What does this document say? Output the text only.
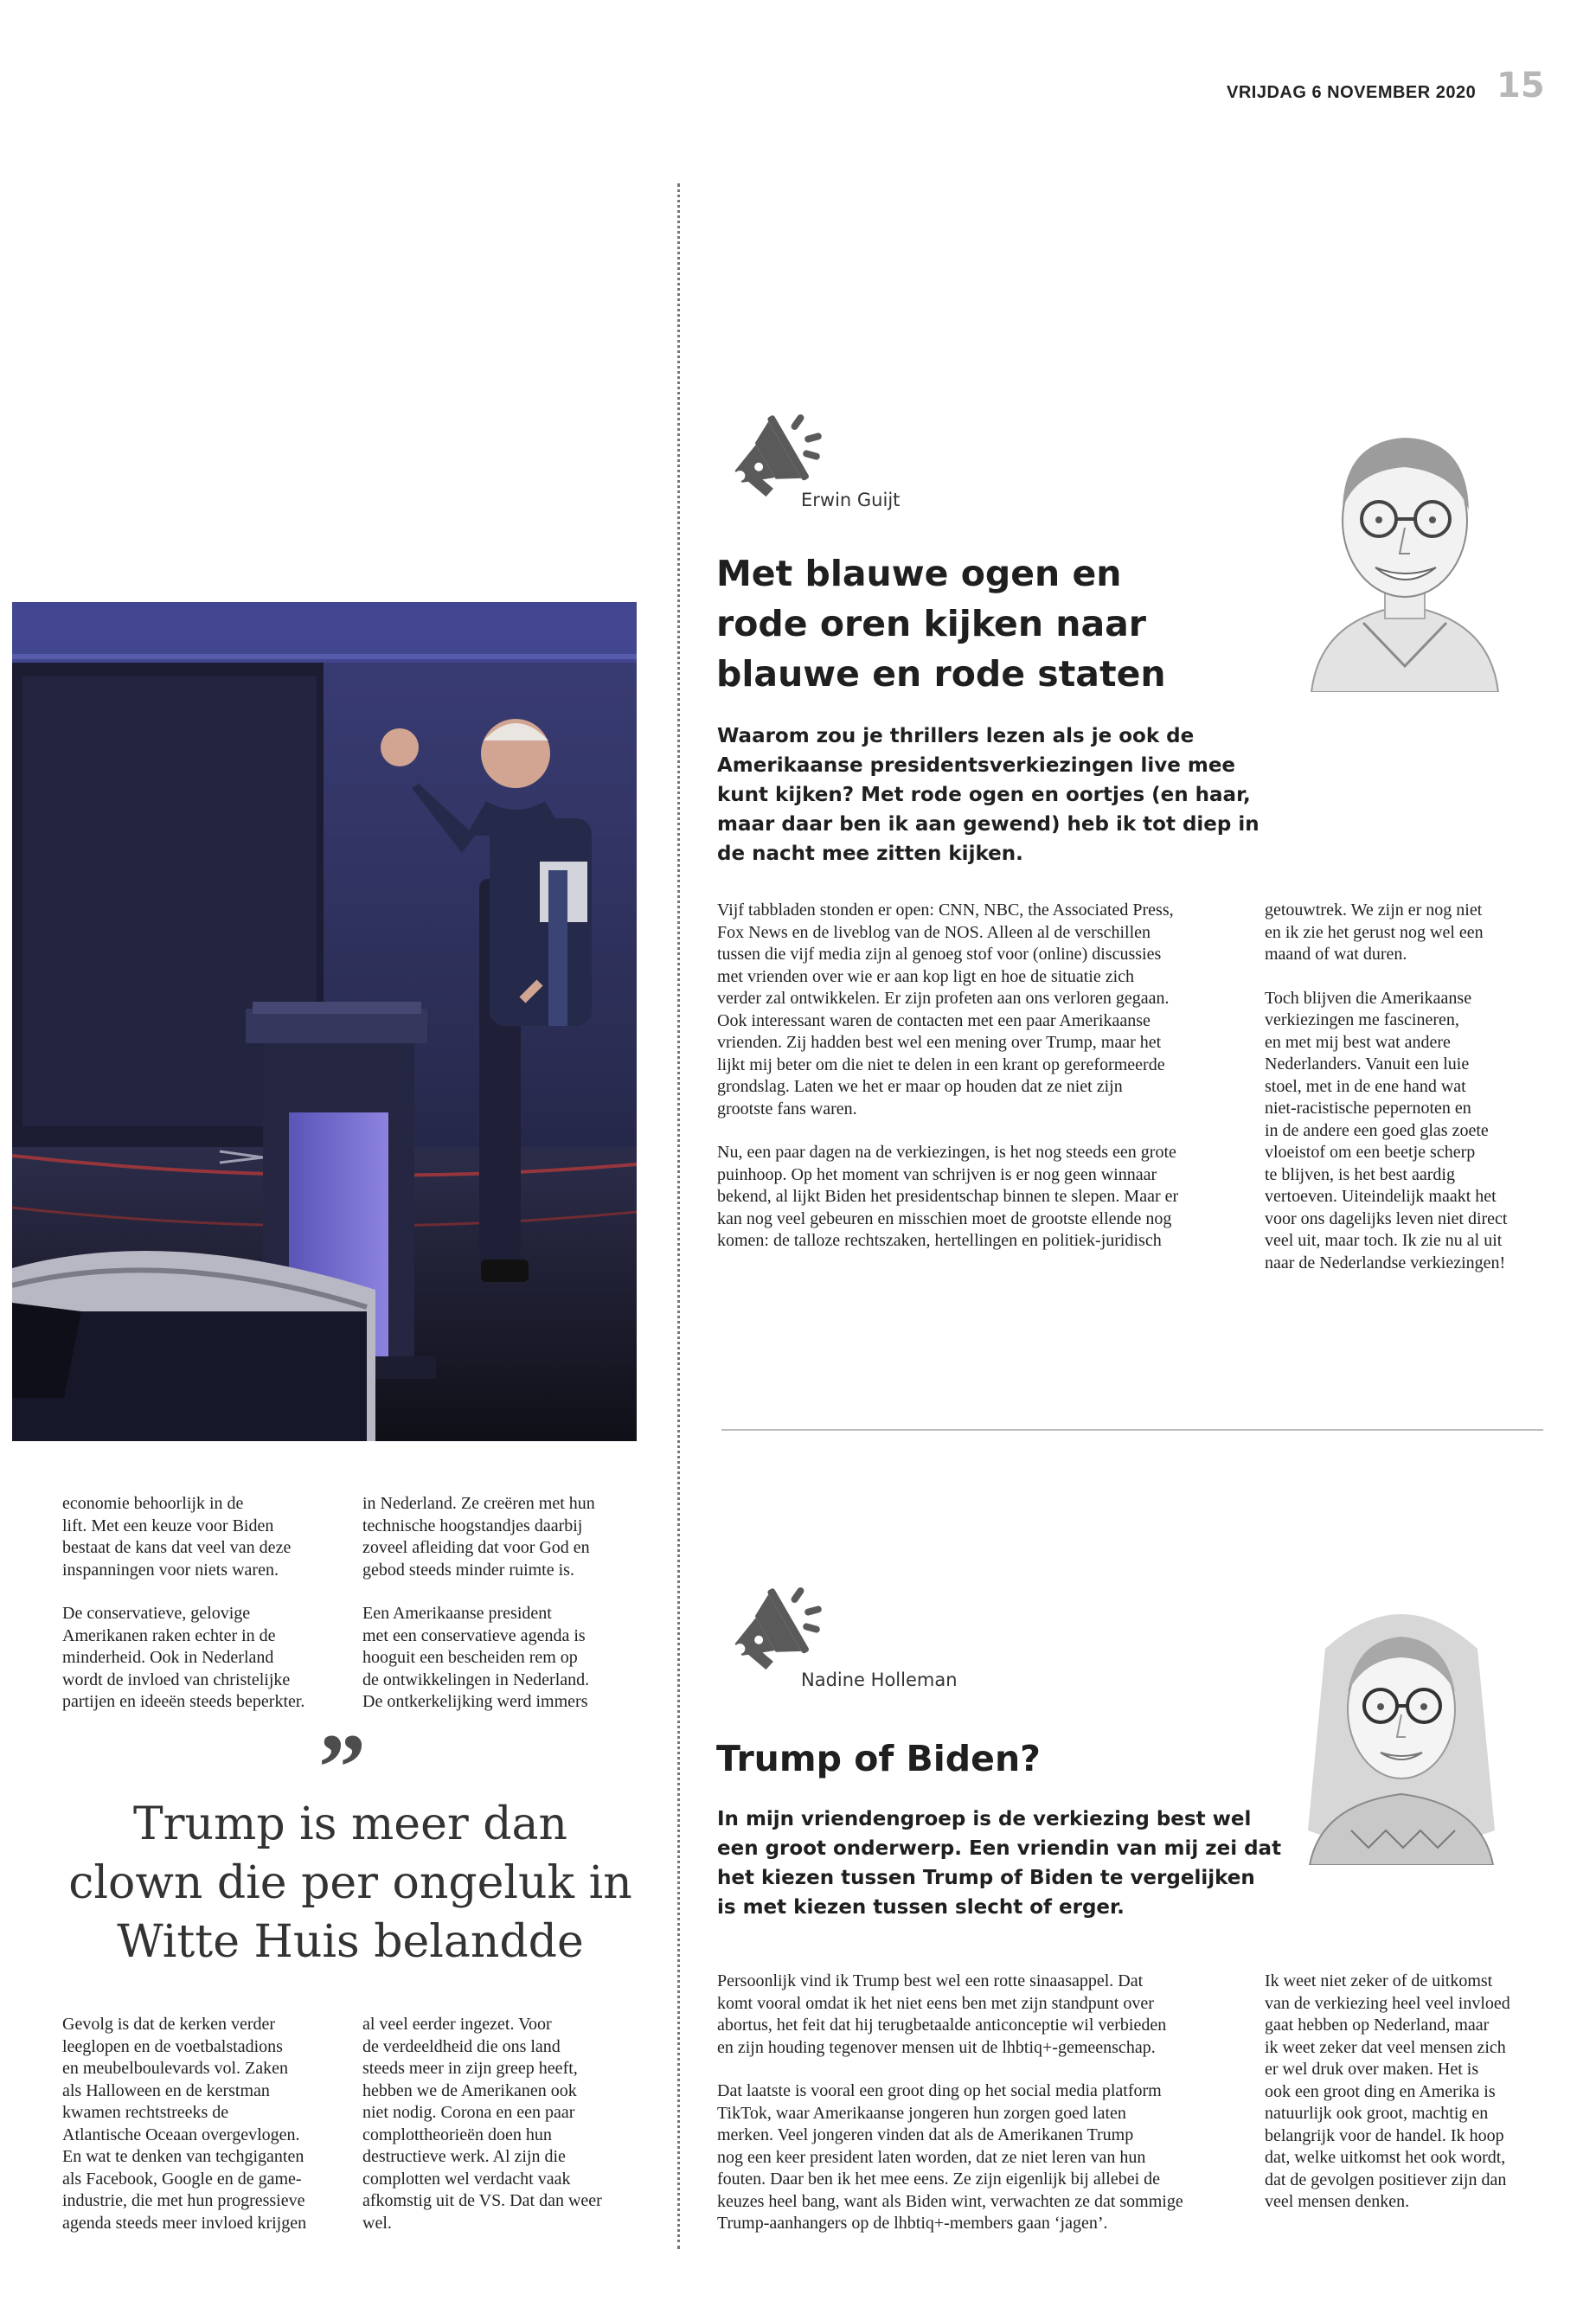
VRIJDAG 6 NOVEMBER 2020 15
economie behoorlijk in de
lift. Met een keuze voor Biden
bestaat de kans dat veel van deze
inspanningen voor niets waren.
De conservatieve, gelovige
Amerikanen raken echter in de
minderheid. Ook in Nederland
wordt de invloed van christelijke
partijen en ideeën steeds beperkter.
in Nederland. Ze creëren met hun
technische hoogstandjes daarbij
zoveel afleiding dat voor God en
gebod steeds minder ruimte is.
Een Amerikaanse president
met een conservatieve agenda is
hooguit een bescheiden rem op
de ontwikkelingen in Nederland.
De ontkerkelijking werd immers
”
Trump is meer dan
clown die per ongeluk in
Witte Huis belandde
Gevolg is dat de kerken verder
leeglopen en de voetbalstadions
en meubelboulevards vol. Zaken
als Halloween en de kerstman
kwamen rechtstreeks de
Atlantische Oceaan overgevlogen.
En wat te denken van techgiganten
als Facebook, Google en de game-
industrie, die met hun progressieve
agenda steeds meer invloed krijgen
al veel eerder ingezet. Voor
de verdeeldheid die ons land
steeds meer in zijn greep heeft,
hebben we de Amerikanen ook
niet nodig. Corona en een paar
complottheorieën doen hun
destructieve werk. Al zijn die
complotten wel verdacht vaak
afkomstig uit de VS. Dat dan weer
wel.
Erwin Guijt
Met blauwe ogen en
rode oren kijken naar
blauwe en rode staten
Waarom zou je thrillers lezen als je ook de
Amerikaanse presidentsverkiezingen live mee
kunt kijken? Met rode ogen en oortjes (en haar,
maar daar ben ik aan gewend) heb ik tot diep in
de nacht mee zitten kijken.
Vijf tabbladen stonden er open: CNN, NBC, the Associated Press,
Fox News en de liveblog van de NOS. Alleen al de verschillen
tussen die vijf media zijn al genoeg stof voor (online) discussies
met vrienden over wie er aan kop ligt en hoe de situatie zich
verder zal ontwikkelen. Er zijn profeten aan ons verloren gegaan.
Ook interessant waren de contacten met een paar Amerikaanse
vrienden. Zij hadden best wel een mening over Trump, maar het
lijkt mij beter om die niet te delen in een krant op gereformeerde
grondslag. Laten we het er maar op houden dat ze niet zijn
grootste fans waren.
Nu, een paar dagen na de verkiezingen, is het nog steeds een grote
puinhoop. Op het moment van schrijven is er nog geen winnaar
bekend, al lijkt Biden het presidentschap binnen te slepen. Maar er
kan nog veel gebeuren en misschien moet de grootste ellende nog
komen: de talloze rechtszaken, hertellingen en politiek-juridisch
getouwtrek. We zijn er nog niet
en ik zie het gerust nog wel een
maand of wat duren.
Toch blijven die Amerikaanse
verkiezingen me fascineren,
en met mij best wat andere
Nederlanders. Vanuit een luie
stoel, met in de ene hand wat
niet-racistische pepernoten en
in de andere een goed glas zoete
vloeistof om een beetje scherp
te blijven, is het best aardig
vertoeven. Uiteindelijk maakt het
voor ons dagelijks leven niet direct
veel uit, maar toch. Ik zie nu al uit
naar de Nederlandse verkiezingen!
Nadine Holleman
Trump of Biden?
In mijn vriendengroep is de verkiezing best wel
een groot onderwerp. Een vriendin van mij zei dat
het kiezen tussen Trump of Biden te vergelijken
is met kiezen tussen slecht of erger.
Persoonlijk vind ik Trump best wel een rotte sinaasappel. Dat
komt vooral omdat ik het niet eens ben met zijn standpunt over
abortus, het feit dat hij terugbetaalde anticonceptie wil verbieden
en zijn houding tegenover mensen uit de lhbtiq+-gemeenschap.
Dat laatste is vooral een groot ding op het social media platform
TikTok, waar Amerikaanse jongeren hun zorgen goed laten
merken. Veel jongeren vinden dat als de Amerikanen Trump
nog een keer president laten worden, dat ze niet leren van hun
fouten. Daar ben ik het mee eens. Ze zijn eigenlijk bij allebei de
keuzes heel bang, want als Biden wint, verwachten ze dat sommige
Trump-aanhangers op de lhbtiq+-members gaan ‘jagen’.
Ik weet niet zeker of de uitkomst
van de verkiezing heel veel invloed
gaat hebben op Nederland, maar
ik weet zeker dat veel mensen zich
er wel druk over maken. Het is
ook een groot ding en Amerika is
natuurlijk ook groot, machtig en
belangrijk voor de handel. Ik hoop
dat, welke uitkomst het ook wordt,
dat de gevolgen positiever zijn dan
veel mensen denken.
